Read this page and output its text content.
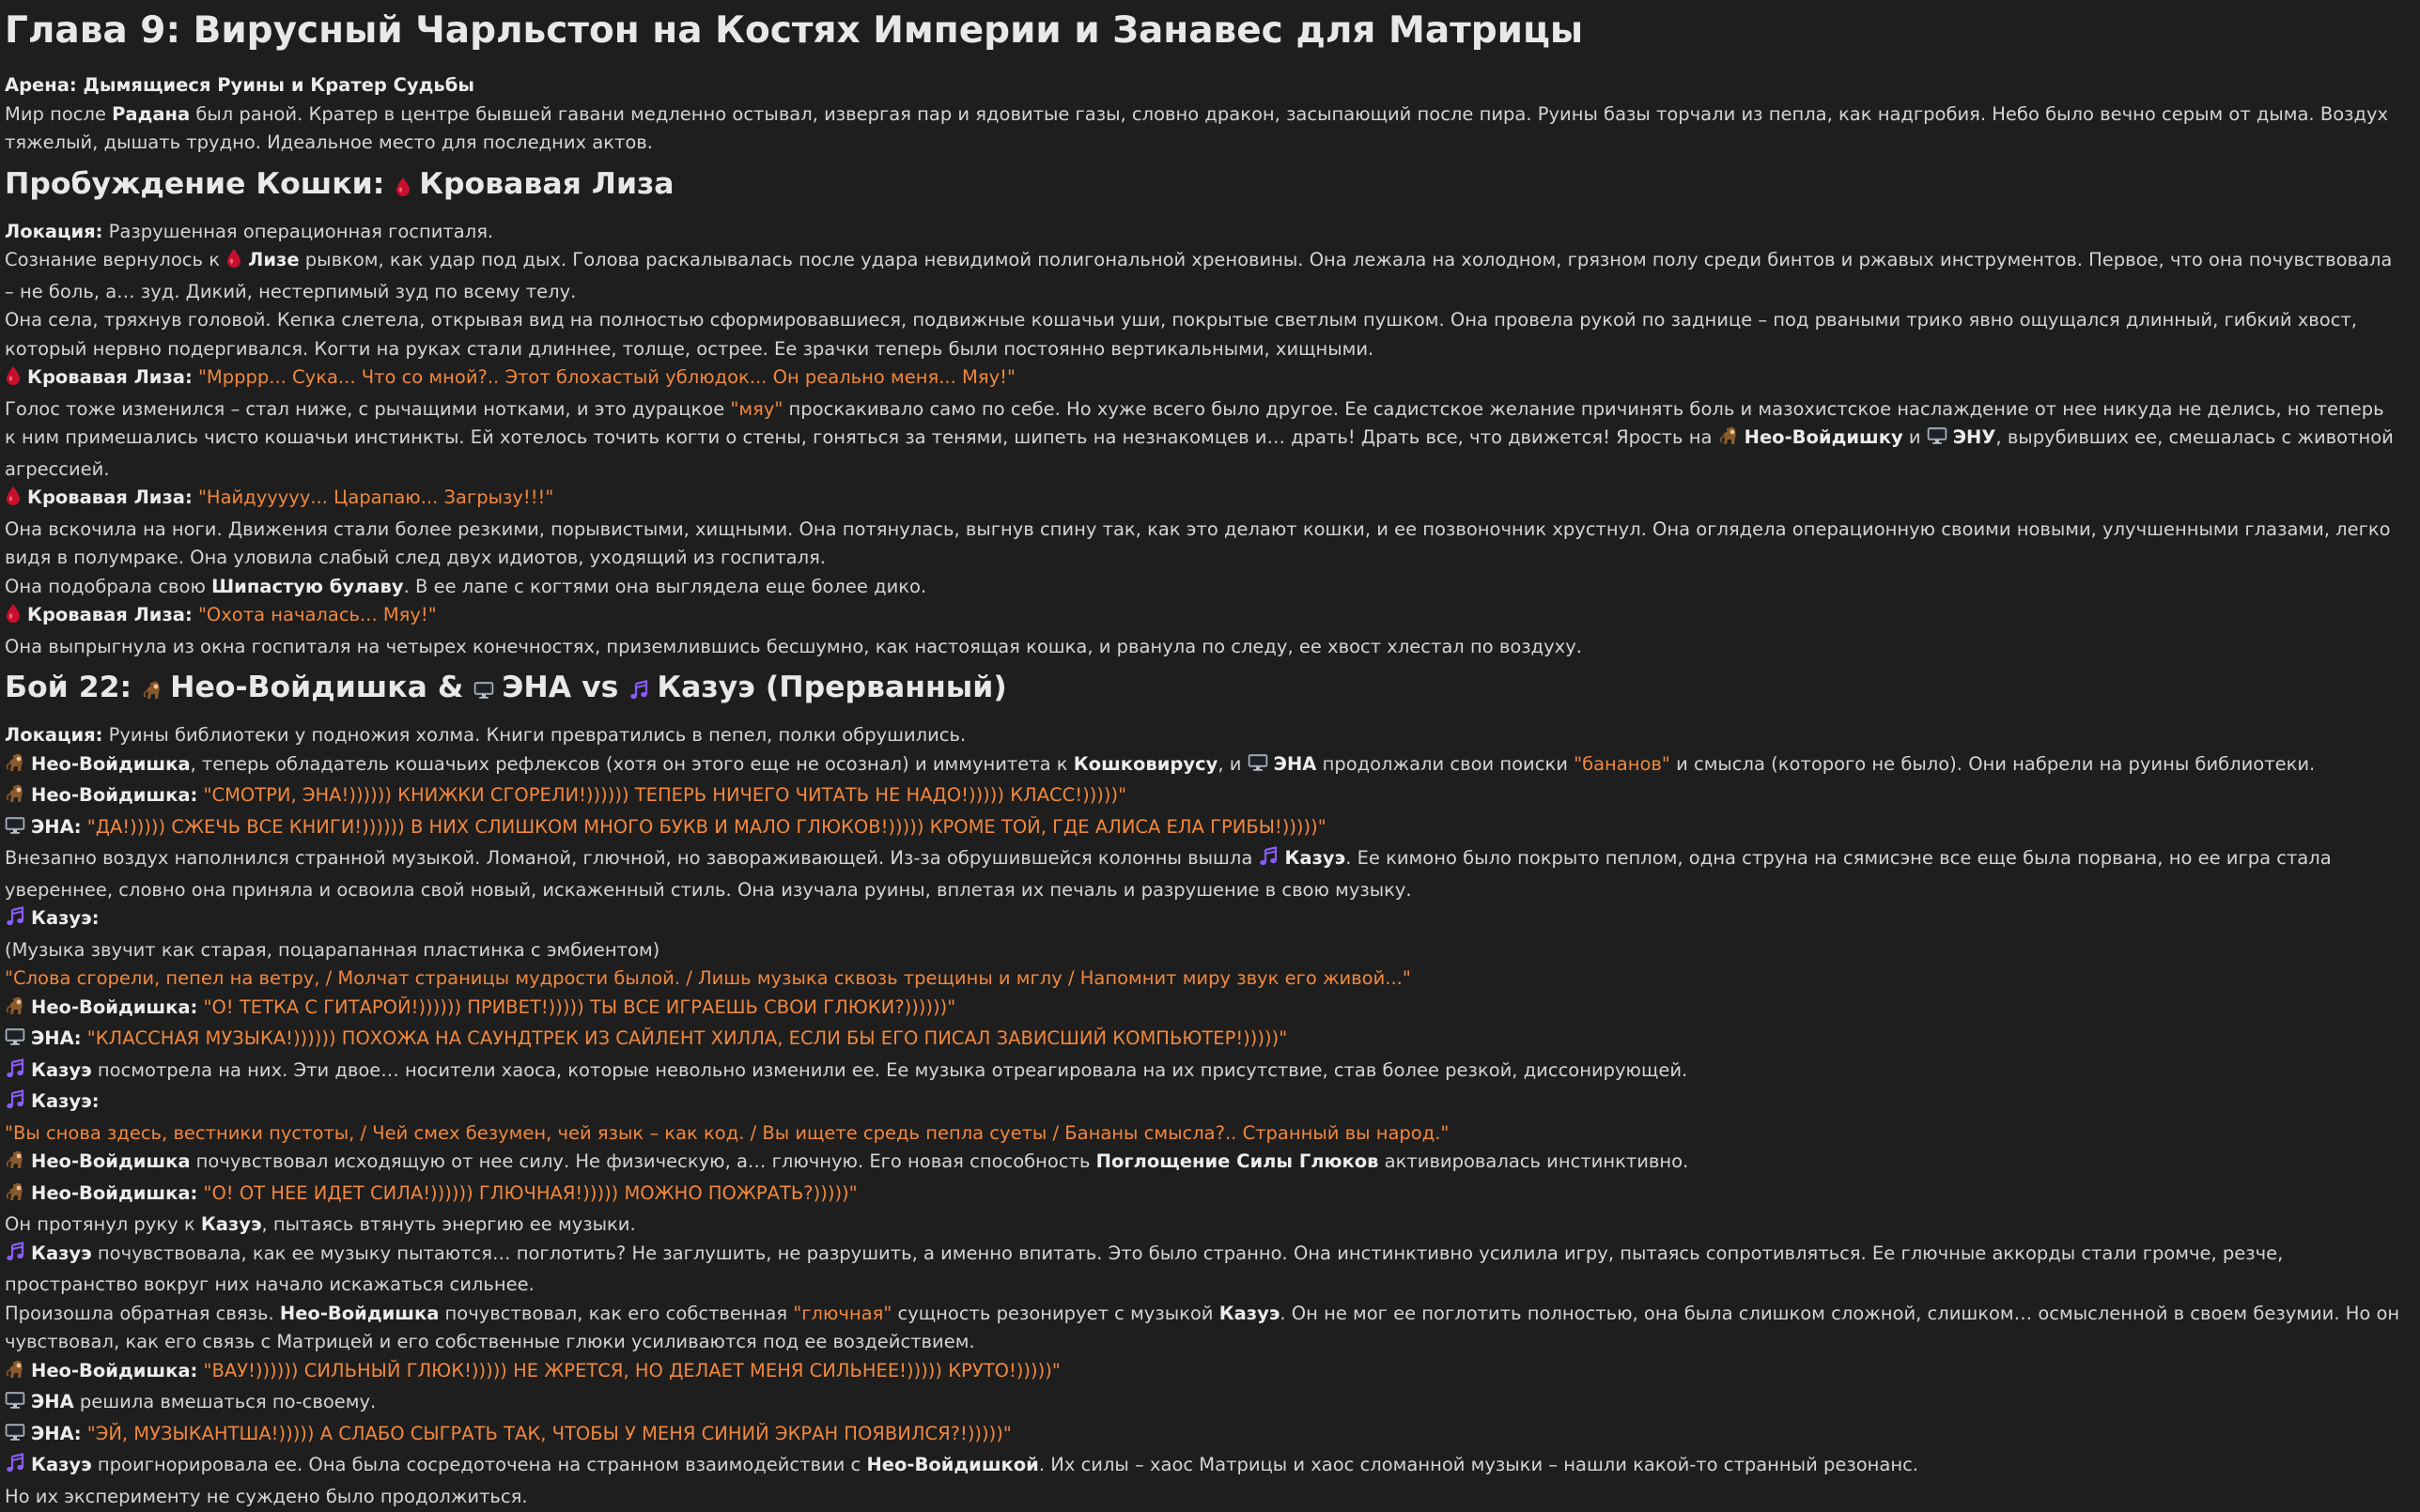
Глава 9: Вирусный Чарльстон на Костях Империи и Занавес для Матрицы

Арена: Дымящиеся Руины и Кратер Судьбы

Мир после Радана был раной. Кратер в центре бывшей гавани медленно остывал, извергая пар и ядовитые газы, словно дракон, засыпающий после пира. Руины базы торчали из пепла, как надгробия. Небо было вечно серым от дыма. Воздух тяжелый, дышать трудно. Идеальное место для последних актов.

Пробуждение Кошки: Кровавая Лиза

Локация: Разрушенная операционная госпиталя.

Сознание вернулось к Лизе рывком, как удар под дых. Голова раскалывалась после удара невидимой полигональной хреновины. Она лежала на холодном, грязном полу среди бинтов и ржавых инструментов. Первое, что она почувствовала – не боль, а… зуд. Дикий, нестерпимый зуд по всему телу.

Она села, тряхнув головой. Кепка слетела, открывая вид на полностью сформировавшиеся, подвижные кошачьи уши, покрытые светлым пушком. Она провела рукой по заднице – под рваными трико явно ощущался длинный, гибкий хвост, который нервно подергивался. Когти на руках стали длиннее, толще, острее. Ее зрачки теперь были постоянно вертикальными, хищными.

Кровавая Лиза: "Мрррр... Сука... Что со мной?.. Этот блохастый ублюдок... Он реально меня... Мяу!"

Голос тоже изменился – стал ниже, с рычащими нотками, и это дурацкое "мяу" проскакивало само по себе. Но хуже всего было другое. Ее садистское желание причинять боль и мазохистское наслаждение от нее никуда не делись, но теперь к ним примешались чисто кошачьи инстинкты. Ей хотелось точить когти о стены, гоняться за тенями, шипеть на незнакомцев и… драть! Драть все, что движется! Ярость на Нео-Войдишку и ЭНУ, вырубивших ее, смешалась с животной агрессией.

Кровавая Лиза: "Найдууууу... Царапаю... Загрызу!!!"

Она вскочила на ноги. Движения стали более резкими, порывистыми, хищными. Она потянулась, выгнув спину так, как это делают кошки, и ее позвоночник хрустнул. Она оглядела операционную своими новыми, улучшенными глазами, легко видя в полумраке. Она уловила слабый след двух идиотов, уходящий из госпиталя.

Она подобрала свою Шипастую булаву. В ее лапе с когтями она выглядела еще более дико.

Кровавая Лиза: "Охота началась... Мяу!"

Она выпрыгнула из окна госпиталя на четырех конечностях, приземлившись бесшумно, как настоящая кошка, и рванула по следу, ее хвост хлестал по воздуху.

Бой 22: Нео-Войдишка & ЭНА vs Казуэ (Прерванный)

Локация: Руины библиотеки у подножия холма. Книги превратились в пепел, полки обрушились.

Нео-Войдишка, теперь обладатель кошачьих рефлексов (хотя он этого еще не осознал) и иммунитета к Кошковирусу, и ЭНА продолжали свои поиски "бананов" и смысла (которого не было). Они набрели на руины библиотеки.

Нео-Войдишка: "СМОТРИ, ЭНА!)))))) КНИЖКИ СГОРЕЛИ!)))))) ТЕПЕРЬ НИЧЕГО ЧИТАТЬ НЕ НАДО!))))) КЛАСС!)))))"

ЭНА: "ДА!))))) СЖЕЧЬ ВСЕ КНИГИ!)))))) В НИХ СЛИШКОМ МНОГО БУКВ И МАЛО ГЛЮКОВ!))))) КРОМЕ ТОЙ, ГДЕ АЛИСА ЕЛА ГРИБЫ!)))))"

Внезапно воздух наполнился странной музыкой. Ломаной, глючной, но завораживающей. Из-за обрушившейся колонны вышла Казуэ. Ее кимоно было покрыто пеплом, одна струна на сямисэне все еще была порвана, но ее игра стала увереннее, словно она приняла и освоила свой новый, искаженный стиль. Она изучала руины, вплетая их печаль и разрушение в свою музыку.

Казуэ:

(Музыка звучит как старая, поцарапанная пластинка с эмбиентом)

"Слова сгорели, пепел на ветру, / Молчат страницы мудрости былой. / Лишь музыка сквозь трещины и мглу / Напомнит миру звук его живой..."

Нео-Войдишка: "О! ТЕТКА С ГИТАРОЙ!)))))) ПРИВЕТ!))))) ТЫ ВСЕ ИГРАЕШЬ СВОИ ГЛЮКИ?))))))"

ЭНА: "КЛАССНАЯ МУЗЫКА!)))))) ПОХОЖА НА САУНДТРЕК ИЗ САЙЛЕНТ ХИЛЛА, ЕСЛИ БЫ ЕГО ПИСАЛ ЗАВИСШИЙ КОМПЬЮТЕР!)))))"

Казуэ посмотрела на них. Эти двое… носители хаоса, которые невольно изменили ее. Ее музыка отреагировала на их присутствие, став более резкой, диссонирующей.

Казуэ:

"Вы снова здесь, вестники пустоты, / Чей смех безумен, чей язык – как код. / Вы ищете средь пепла суеты / Бананы смысла?.. Странный вы народ."

Нео-Войдишка почувствовал исходящую от нее силу. Не физическую, а… глючную. Его новая способность Поглощение Силы Глюков активировалась инстинктивно.

Нео-Войдишка: "О! ОТ НЕЕ ИДЕТ СИЛА!)))))) ГЛЮЧНАЯ!))))) МОЖНО ПОЖРАТЬ?)))))"

Он протянул руку к Казуэ, пытаясь втянуть энергию ее музыки.

Казуэ почувствовала, как ее музыку пытаются… поглотить? Не заглушить, не разрушить, а именно впитать. Это было странно. Она инстинктивно усилила игру, пытаясь сопротивляться. Ее глючные аккорды стали громче, резче, пространство вокруг них начало искажаться сильнее.

Произошла обратная связь. Нео-Войдишка почувствовал, как его собственная "глючная" сущность резонирует с музыкой Казуэ. Он не мог ее поглотить полностью, она была слишком сложной, слишком… осмысленной в своем безумии. Но он чувствовал, как его связь с Матрицей и его собственные глюки усиливаются под ее воздействием.

Нео-Войдишка: "ВАУ!)))))) СИЛЬНЫЙ ГЛЮК!))))) НЕ ЖРЕТСЯ, НО ДЕЛАЕТ МЕНЯ СИЛЬНЕЕ!))))) КРУТО!)))))"

ЭНА решила вмешаться по-своему.

ЭНА: "ЭЙ, МУЗЫКАНТША!))))) А СЛАБО СЫГРАТЬ ТАК, ЧТОБЫ У МЕНЯ СИНИЙ ЭКРАН ПОЯВИЛСЯ?!)))))"

Казуэ проигнорировала ее. Она была сосредоточена на странном взаимодействии с Нео-Войдишкой. Их силы – хаос Матрицы и хаос сломанной музыки – нашли какой-то странный резонанс.

Но их эксперименту не суждено было продолжиться.
